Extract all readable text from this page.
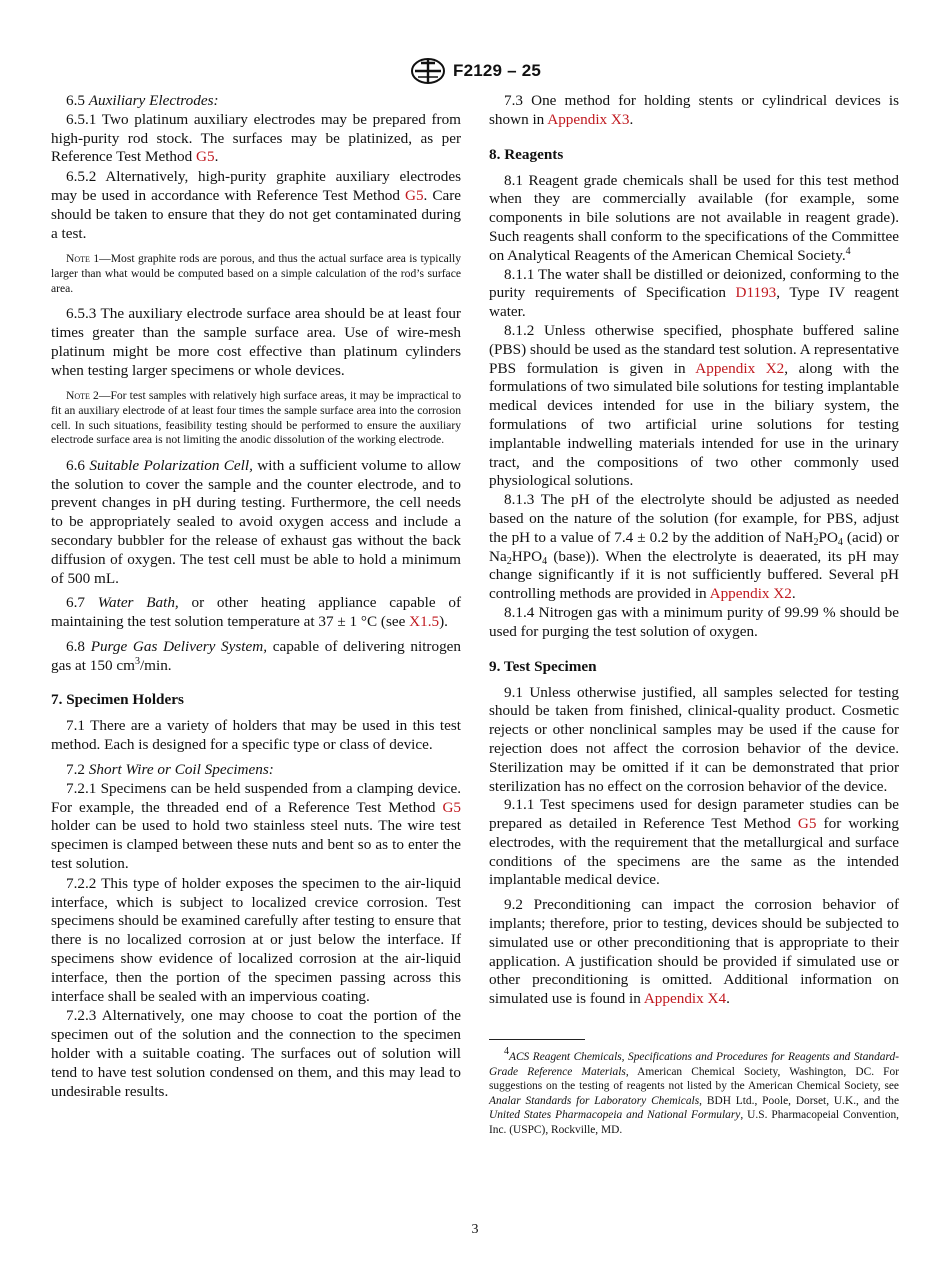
F2129 – 25

6.5 Auxiliary Electrodes:

6.5.1 Two platinum auxiliary electrodes may be prepared from high-purity rod stock. The surfaces may be platinized, as per Reference Test Method G5.

6.5.2 Alternatively, high-purity graphite auxiliary electrodes may be used in accordance with Reference Test Method G5. Care should be taken to ensure that they do not get contaminated during a test.

Note 1—Most graphite rods are porous, and thus the actual surface area is typically larger than what would be computed based on a simple calculation of the rod’s surface area.

6.5.3 The auxiliary electrode surface area should be at least four times greater than the sample surface area. Use of wire-mesh platinum might be more cost effective than platinum cylinders when testing larger specimens or whole devices.

Note 2—For test samples with relatively high surface areas, it may be impractical to fit an auxiliary electrode of at least four times the sample surface area into the corrosion cell. In such situations, feasibility testing should be performed to ensure the auxiliary electrode surface area is not limiting the anodic dissolution of the working electrode.

6.6 Suitable Polarization Cell, with a sufficient volume to allow the solution to cover the sample and the counter electrode, and to prevent changes in pH during testing. Furthermore, the cell needs to be appropriately sealed to avoid oxygen access and include a secondary bubbler for the release of exhaust gas without the back diffusion of oxygen. The test cell must be able to hold a minimum of 500 mL.

6.7 Water Bath, or other heating appliance capable of maintaining the test solution temperature at 37 ± 1 °C (see X1.5).

6.8 Purge Gas Delivery System, capable of delivering nitrogen gas at 150 $cm^3/\min$.

7. Specimen Holders

7.1 There are a variety of holders that may be used in this test method. Each is designed for a specific type or class of device.

7.2 Short Wire or Coil Specimens:

7.2.1 Specimens can be held suspended from a clamping device. For example, the threaded end of a Reference Test Method G5 holder can be used to hold two stainless steel nuts. The wire test specimen is clamped between these nuts and bent so as to enter the test solution.

7.2.2 This type of holder exposes the specimen to the air-liquid interface, which is subject to localized crevice corrosion. Test specimens should be examined carefully after testing to ensure that there is no localized corrosion at or just below the interface. If specimens show evidence of localized corrosion at the air-liquid interface, then the portion of the specimen passing across this interface shall be sealed with an impervious coating.

7.2.3 Alternatively, one may choose to coat the portion of the specimen out of the solution and the connection to the specimen holder with a suitable coating. The surfaces out of solution will tend to have test solution condensed on them, and this may lead to undesirable results.

7.3 One method for holding stents or cylindrical devices is shown in Appendix X3.

8. Reagents

8.1 Reagent grade chemicals shall be used for this test method when they are commercially available (for example, some components in bile solutions are not available in reagent grade). Such reagents shall conform to the specifications of the Committee on Analytical Reagents of the American Chemical Society.$^4$

8.1.1 The water shall be distilled or deionized, conforming to the purity requirements of Specification D1193, Type IV reagent water.

8.1.2 Unless otherwise specified, phosphate buffered saline (PBS) should be used as the standard test solution. A representative PBS formulation is given in Appendix X2, along with the formulations of two simulated bile solutions for testing implantable medical devices intended for use in the biliary system, the formulations of two artificial urine solutions for testing implantable indwelling materials intended for use in the urinary tract, and the compositions of two other commonly used physiological solutions.

8.1.3 The pH of the electrolyte should be adjusted as needed based on the nature of the solution (for example, for PBS, adjust the pH to a value of 7.4 ± 0.2 by the addition of $NaH_2PO_4$ (acid) or $Na_2HPO_4$ (base)). When the electrolyte is deaerated, its pH may change significantly if it is not sufficiently buffered. Several pH controlling methods are provided in Appendix X2.

8.1.4 Nitrogen gas with a minimum purity of 99.99 % should be used for purging the test solution of oxygen.

9. Test Specimen

9.1 Unless otherwise justified, all samples selected for testing should be taken from finished, clinical-quality product. Cosmetic rejects or other nonclinical samples may be used if the cause for rejection does not affect the corrosion behavior of the device. Sterilization may be omitted if it can be demonstrated that prior sterilization has no effect on the corrosion behavior of the device.

9.1.1 Test specimens used for design parameter studies can be prepared as detailed in Reference Test Method G5 for working electrodes, with the requirement that the metallurgical and surface conditions of the specimens are the same as the intended implantable medical device.

9.2 Preconditioning can impact the corrosion behavior of implants; therefore, prior to testing, devices should be subjected to simulated use or other preconditioning that is appropriate to their application. A justification should be provided if simulated use or other preconditioning is omitted. Additional information on simulated use is found in Appendix X4.

$^4$ACS Reagent Chemicals, Specifications and Procedures for Reagents and Standard-Grade Reference Materials, American Chemical Society, Washington, DC. For suggestions on the testing of reagents not listed by the American Chemical Society, see Analar Standards for Laboratory Chemicals, BDH Ltd., Poole, Dorset, U.K., and the United States Pharmacopeia and National Formulary, U.S. Pharmacopeial Convention, Inc. (USPC), Rockville, MD.
3
